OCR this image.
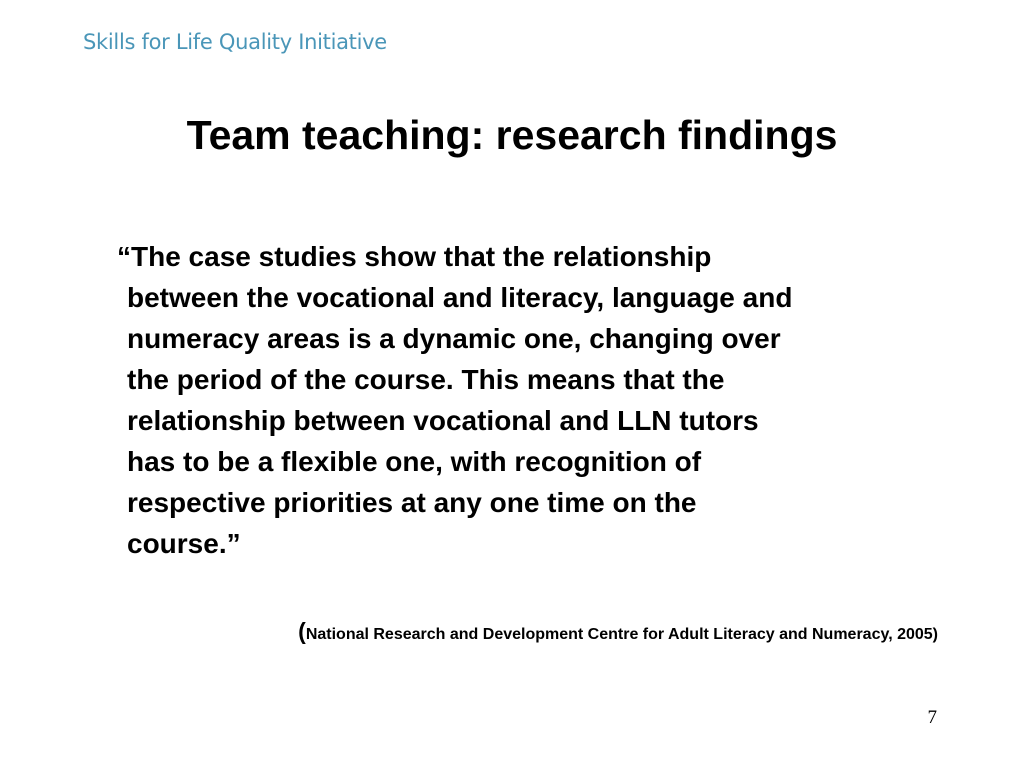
Skills for Life Quality Initiative
Team teaching: research findings
“The case studies show that the relationship
between the vocational and literacy, language and
numeracy areas is a dynamic one, changing over
the period of the course. This means that the
relationship between vocational and LLN tutors
has to be a flexible one, with recognition of
respective priorities at any one time on the
course.”
(National Research and Development Centre for Adult Literacy and Numeracy, 2005)
7
